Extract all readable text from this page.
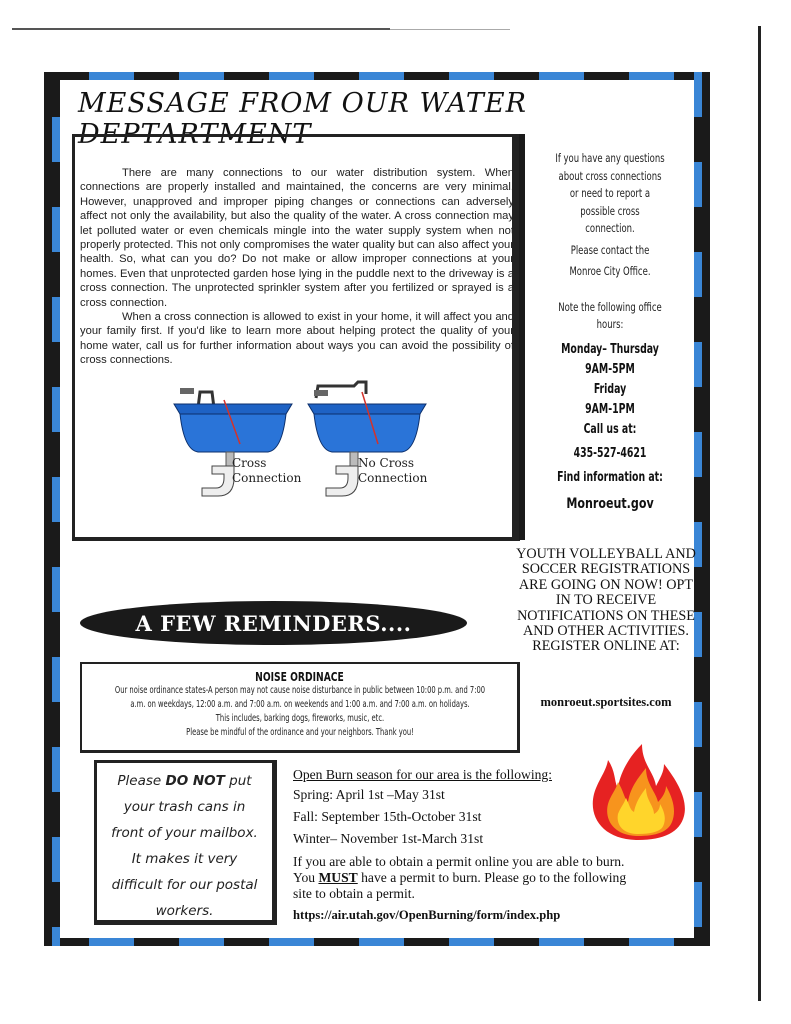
MESSAGE FROM OUR WATER DEPTARTMENT

There are many connections to our water distribution system. When connections are properly installed and maintained, the concerns are very minimal. However, unapproved and improper piping changes or connections can adversely affect not only the availability, but also the quality of the water. A cross connection may let polluted water or even chemicals mingle into the water supply system when not properly protected. This not only compromises the water quality but can also affect your health. So, what can you do? Do not make or allow improper connections at your homes. Even that unprotected garden hose lying in the puddle next to the driveway is a cross connection. The unprotected sprinkler system after you fertilized or sprayed is a cross connection.

When a cross connection is allowed to exist in your home, it will affect you and your family first. If you'd like to learn more about helping protect the quality of your home water, call us for further information about ways you can avoid the possibility of cross connections.

Cross
Connection
No Cross
Connection
If you have any questions
about cross connections
or need to report a
possible cross
connection.
Please contact the
Monroe City Office.
Note the following office
hours:
Monday– Thursday
9AM-5PM
Friday
9AM-1PM
Call us at:
435-527-4621
Find information at:
Monroeut.gov
YOUTH VOLLEYBALL AND SOCCER REGISTRATIONS ARE GOING ON NOW! OPT IN TO RECEIVE NOTIFICATIONS ON THESE AND OTHER ACTIVITIES. REGISTER ONLINE AT:
monroeut.sportsites.com
A FEW REMINDERS....
NOISE ORDINACE
Our noise ordinance states-A person may not cause noise disturbance in public between 10:00 p.m. and 7:00
a.m. on weekdays, 12:00 a.m. and 7:00 a.m. on weekends and 1:00 a.m. and 7:00 a.m. on holidays.
This includes, barking dogs, fireworks, music, etc.
Please be mindful of the ordinance and your neighbors. Thank you!
Please DO NOT put
your trash cans in
front of your mailbox.
It makes it very
difficult for our postal
workers.
Open Burn season for our area is the following:
Spring: April 1st –May 31st
Fall: September 15th-October 31st
Winter– November 1st-March 31st
If you are able to obtain a permit online you are able to burn. You MUST have a permit to burn. Please go to the following site to obtain a permit.
https://air.utah.gov/OpenBurning/form/index.php
